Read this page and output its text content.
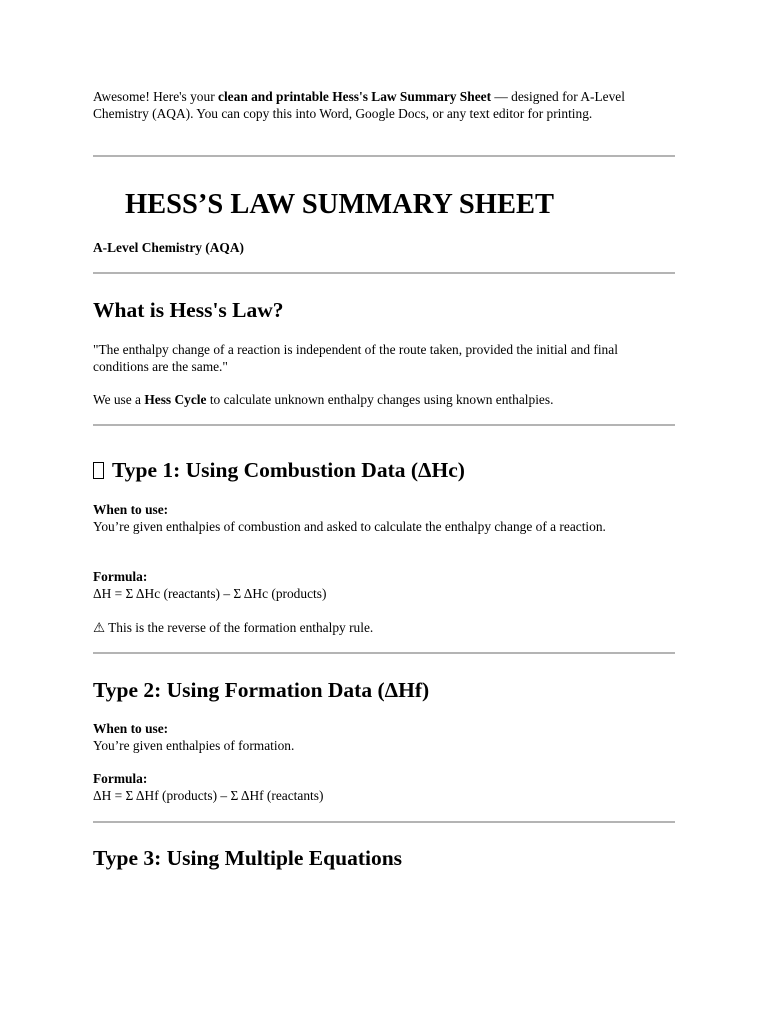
Awesome! Here's your clean and printable Hess's Law Summary Sheet — designed for A-Level Chemistry (AQA). You can copy this into Word, Google Docs, or any text editor for printing.

HESS’S LAW SUMMARY SHEET

A-Level Chemistry (AQA)

What is Hess's Law?

"The enthalpy change of a reaction is independent of the route taken, provided the initial and final conditions are the same."

We use a Hess Cycle to calculate unknown enthalpy changes using known enthalpies.

Type 1: Using Combustion Data (ΔHc)

When to use:
You’re given enthalpies of combustion and asked to calculate the enthalpy change of a reaction.

Formula:
ΔH = Σ ΔHc (reactants) – Σ ΔHc (products)

⚠ This is the reverse of the formation enthalpy rule.

Type 2: Using Formation Data (ΔHf)

When to use:
You’re given enthalpies of formation.

Formula:
ΔH = Σ ΔHf (products) – Σ ΔHf (reactants)

Type 3: Using Multiple Equations
